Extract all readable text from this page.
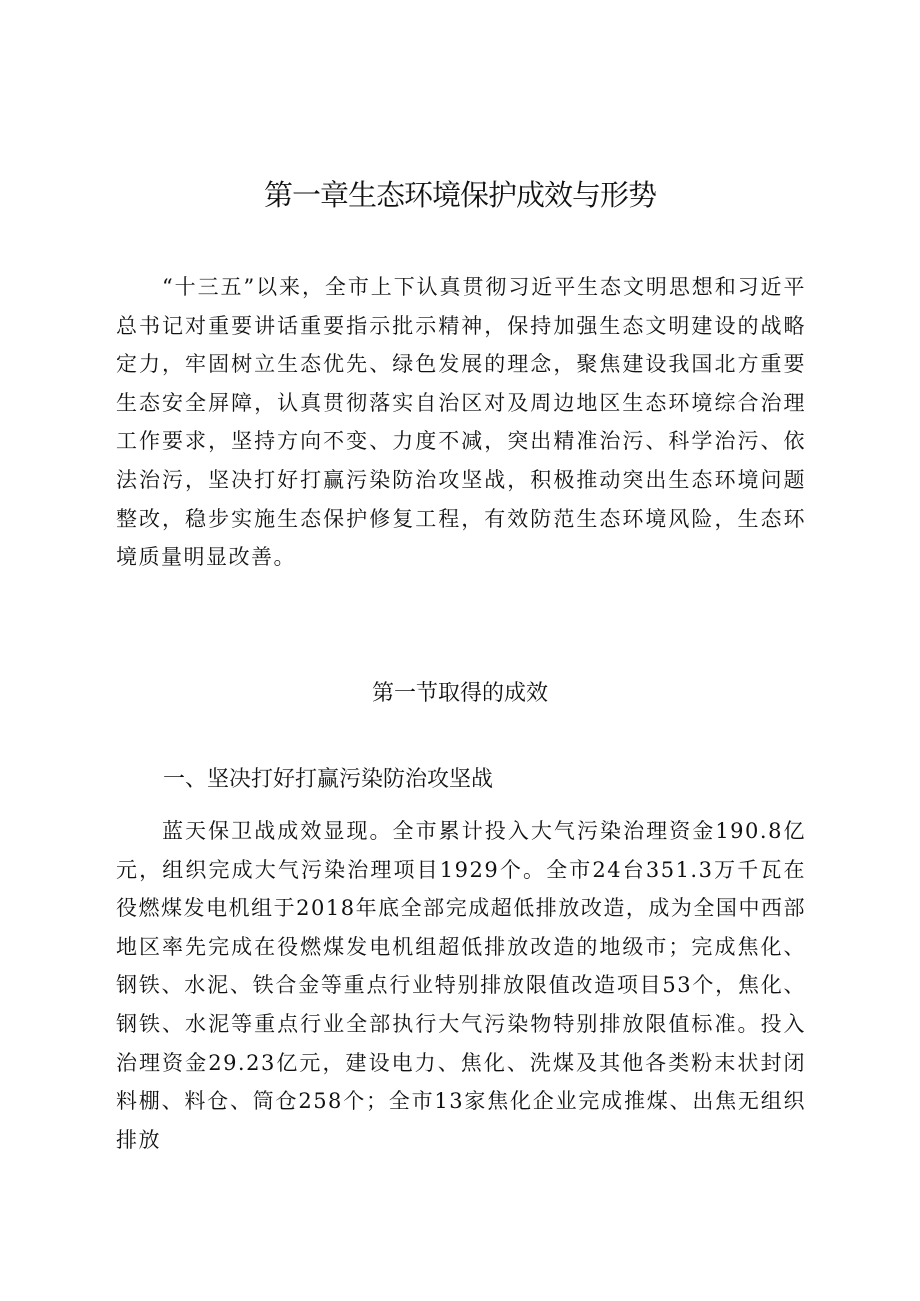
第一章生态环境保护成效与形势

“十三五”以来，全市上下认真贯彻习近平生态文明思想和习近平总书记对重要讲话重要指示批示精神，保持加强生态文明建设的战略定力，牢固树立生态优先、绿色发展的理念，聚焦建设我国北方重要生态安全屏障，认真贯彻落实自治区对及周边地区生态环境综合治理工作要求，坚持方向不变、力度不减，突出精准治污、科学治污、依法治污，坚决打好打赢污染防治攻坚战，积极推动突出生态环境问题整改，稳步实施生态保护修复工程，有效防范生态环境风险，生态环境质量明显改善。

第一节取得的成效
一、坚决打好打赢污染防治攻坚战

蓝天保卫战成效显现。全市累计投入大气污染治理资金190.8亿元，组织完成大气污染治理项目1929个。全市24台351.3万千瓦在役燃煤发电机组于2018年底全部完成超低排放改造，成为全国中西部地区率先完成在役燃煤发电机组超低排放改造的地级市；完成焦化、钢铁、水泥、铁合金等重点行业特别排放限值改造项目53个，焦化、钢铁、水泥等重点行业全部执行大气污染物特别排放限值标准。投入治理资金29.23亿元，建设电力、焦化、洗煤及其他各类粉末状封闭料棚、料仓、筒仓258个；全市13家焦化企业完成推煤、出焦无组织排放
